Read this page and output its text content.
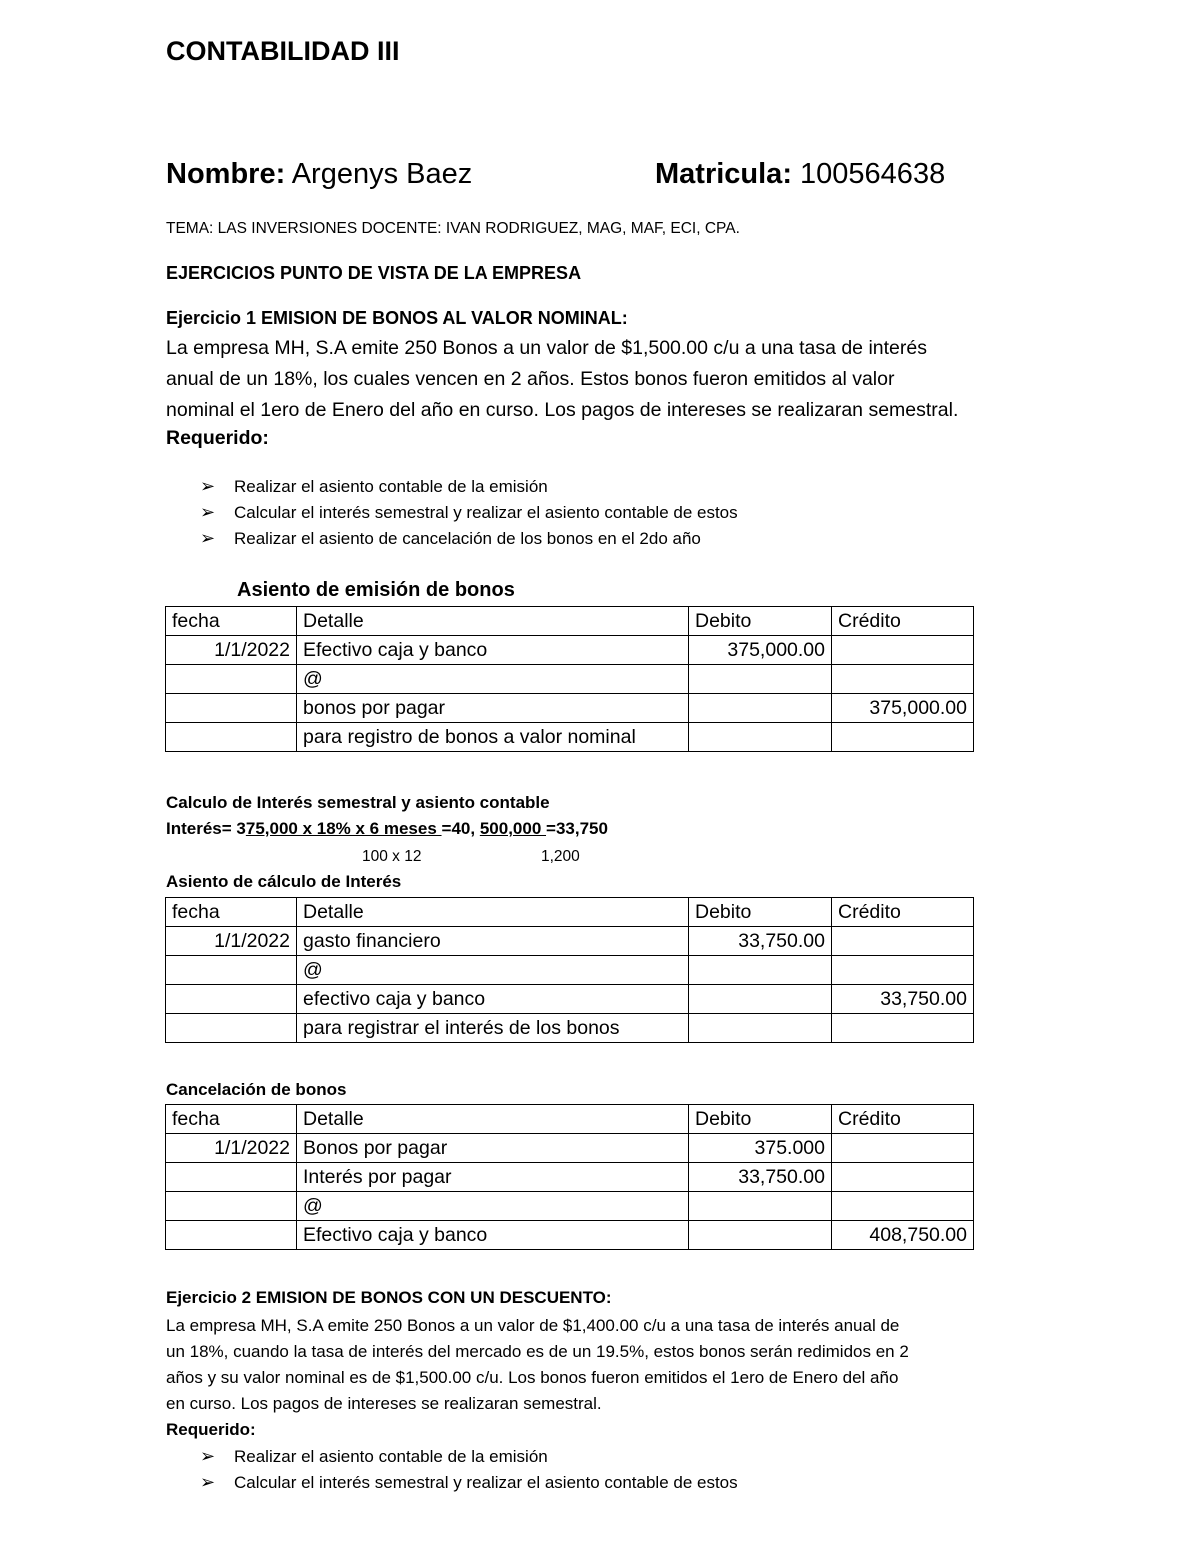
CONTABILIDAD III
Nombre: Argenys Baez	Matricula: 100564638
TEMA: LAS INVERSIONES DOCENTE: IVAN RODRIGUEZ, MAG, MAF, ECI, CPA.
EJERCICIOS PUNTO DE VISTA DE LA EMPRESA
Ejercicio 1 EMISION DE BONOS AL VALOR NOMINAL:
La empresa MH, S.A emite 250 Bonos a un valor de $1,500.00 c/u a una tasa de interés
anual de un 18%, los cuales vencen en 2 años. Estos bonos fueron emitidos al valor
nominal el 1ero de Enero del año en curso. Los pagos de intereses se realizaran semestral.
Requerido:
➢ Realizar el asiento contable de la emisión
➢ Calcular el interés semestral y realizar el asiento contable de estos
➢ Realizar el asiento de cancelación de los bonos en el 2do año
Asiento de emisión de bonos
fecha	Detalle	Debito	Crédito
1/1/2022	Efectivo caja y banco	375,000.00	
	@		
	bonos por pagar		375,000.00
	para registro de bonos a valor nominal		
Calculo de Interés semestral y asiento contable
Interés= 375,000 x 18% x 6 meses =40, 500,000 =33,750
100 x 12	1,200
Asiento de cálculo de Interés
fecha	Detalle	Debito	Crédito
1/1/2022	gasto financiero	33,750.00	
	@		
	efectivo caja y banco		33,750.00
	para registrar el interés de los bonos		
Cancelación de bonos
fecha	Detalle	Debito	Crédito
1/1/2022	Bonos por pagar	375.000	
	Interés por pagar	33,750.00	
	@		
	Efectivo caja y banco		408,750.00
Ejercicio 2 EMISION DE BONOS CON UN DESCUENTO:
La empresa MH, S.A emite 250 Bonos a un valor de $1,400.00 c/u a una tasa de interés anual de
un 18%, cuando la tasa de interés del mercado es de un 19.5%, estos bonos serán redimidos en 2
años y su valor nominal es de $1,500.00 c/u. Los bonos fueron emitidos el 1ero de Enero del año
en curso. Los pagos de intereses se realizaran semestral.
Requerido:
➢ Realizar el asiento contable de la emisión
➢ Calcular el interés semestral y realizar el asiento contable de estos
